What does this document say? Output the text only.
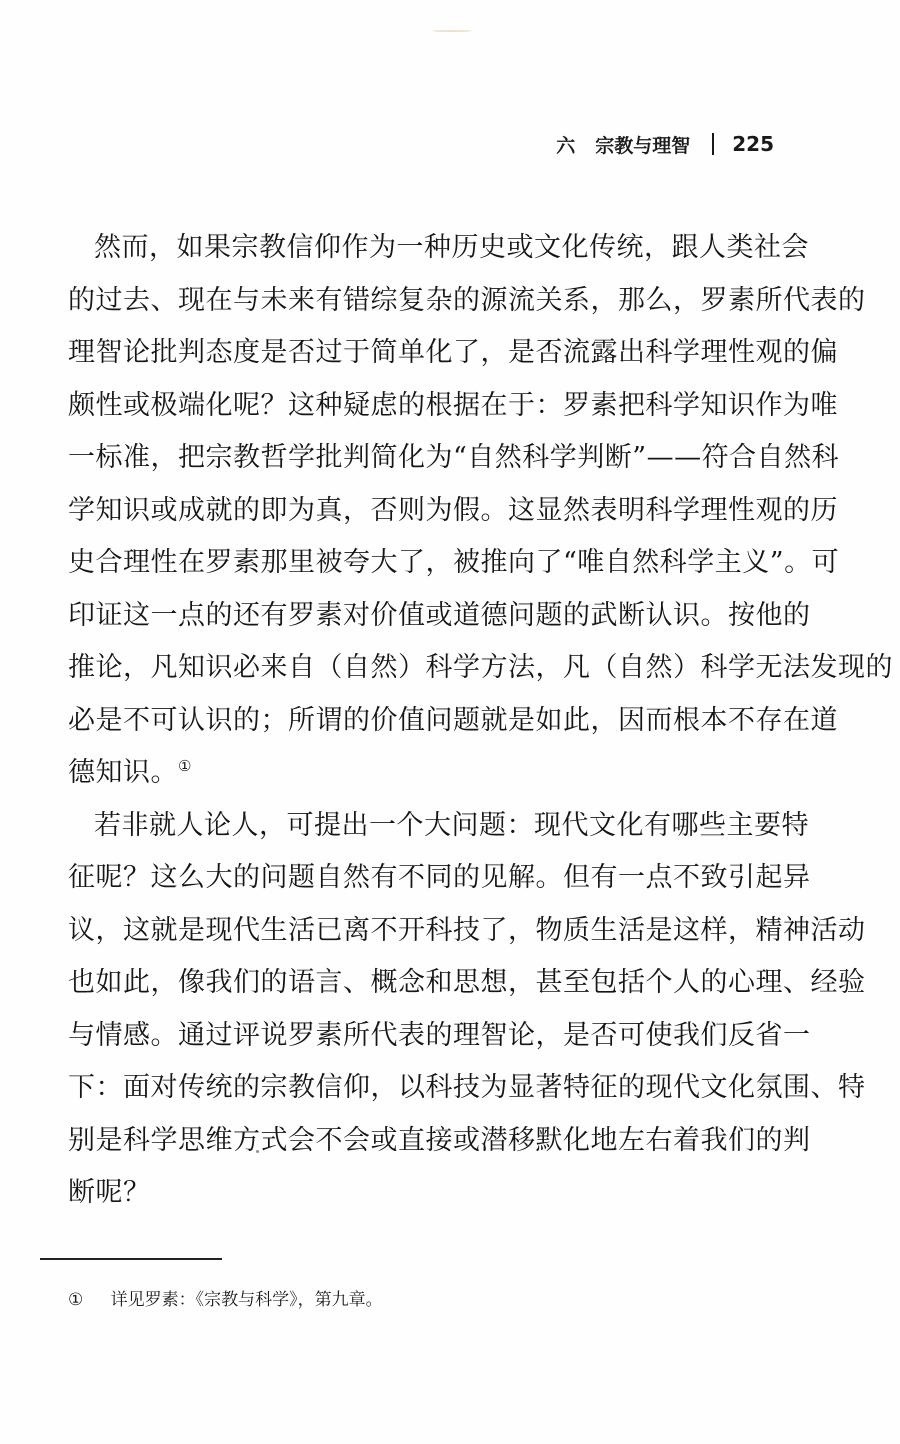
六 宗教与理智 225
然而，如果宗教信仰作为一种历史或文化传统，跟人类社会
的过去、现在与未来有错综复杂的源流关系，那么，罗素所代表的
理智论批判态度是否过于简单化了，是否流露出科学理性观的偏
颇性或极端化呢？这种疑虑的根据在于：罗素把科学知识作为唯
一标准，把宗教哲学批判简化为“自然科学判断”——符合自然科
学知识或成就的即为真，否则为假。这显然表明科学理性观的历
史合理性在罗素那里被夸大了，被推向了“唯自然科学主义”。可
印证这一点的还有罗素对价值或道德问题的武断认识。按他的
推论，凡知识必来自（自然）科学方法，凡（自然）科学无法发现的
必是不可认识的；所谓的价值问题就是如此，因而根本不存在道
德知识。①
若非就人论人，可提出一个大问题：现代文化有哪些主要特
征呢？这么大的问题自然有不同的见解。但有一点不致引起异
议，这就是现代生活已离不开科技了，物质生活是这样，精神活动
也如此，像我们的语言、概念和思想，甚至包括个人的心理、经验
与情感。通过评说罗素所代表的理智论，是否可使我们反省一
下：面对传统的宗教信仰，以科技为显著特征的现代文化氛围、特
别是科学思维方式会不会或直接或潜移默化地左右着我们的判
断呢？
① 详见罗素：《宗教与科学》，第九章。
